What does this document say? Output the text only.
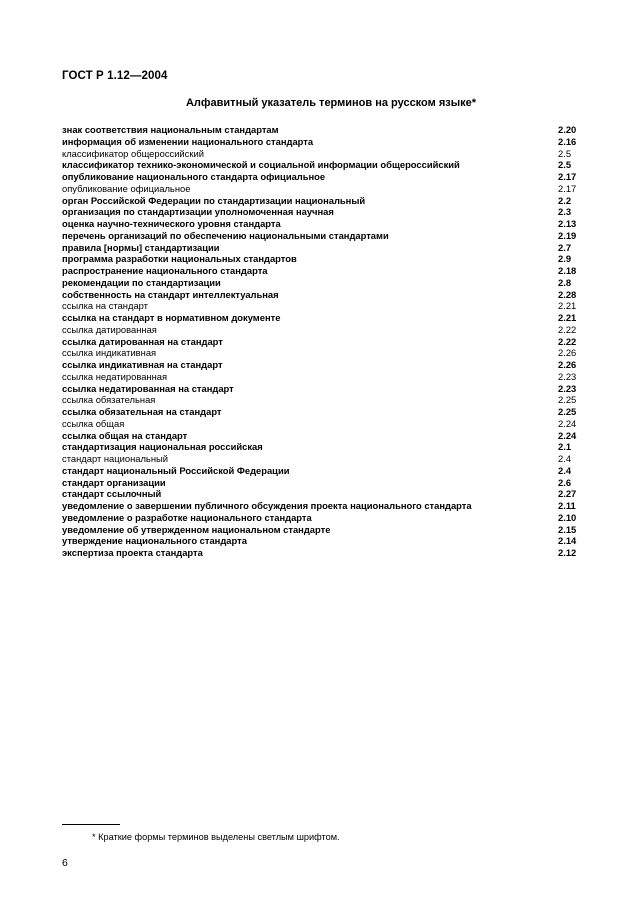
ГОСТ Р 1.12—2004
Алфавитный указатель терминов на русском языке*
знак соответствия национальным стандартам	2.20
информация об изменении национального стандарта	2.16
классификатор общероссийский	2.5
классификатор технико-экономической и социальной информации общероссийский	2.5
опубликование национального стандарта официальное	2.17
опубликование официальное	2.17
орган Российской Федерации по стандартизации национальный	2.2
организация по стандартизации уполномоченная научная	2.3
оценка научно-технического уровня стандарта	2.13
перечень организаций по обеспечению национальными стандартами	2.19
правила [нормы] стандартизации	2.7
программа разработки национальных стандартов	2.9
распространение национального стандарта	2.18
рекомендации по стандартизации	2.8
собственность на стандарт интеллектуальная	2.28
ссылка на стандарт	2.21
ссылка на стандарт в нормативном документе	2.21
ссылка датированная	2.22
ссылка датированная на стандарт	2.22
ссылка индикативная	2.26
ссылка индикативная на стандарт	2.26
ссылка недатированная	2.23
ссылка недатированная на стандарт	2.23
ссылка обязательная	2.25
ссылка обязательная на стандарт	2.25
ссылка общая	2.24
ссылка общая на стандарт	2.24
стандартизация национальная российская	2.1
стандарт национальный	2.4
стандарт национальный Российской Федерации	2.4
стандарт организации	2.6
стандарт ссылочный	2.27
уведомление о завершении публичного обсуждения проекта национального стандарта	2.11
уведомление о разработке национального стандарта	2.10
уведомление об утвержденном национальном стандарте	2.15
утверждение национального стандарта	2.14
экспертиза проекта стандарта	2.12
* Краткие формы терминов выделены светлым шрифтом.
6
